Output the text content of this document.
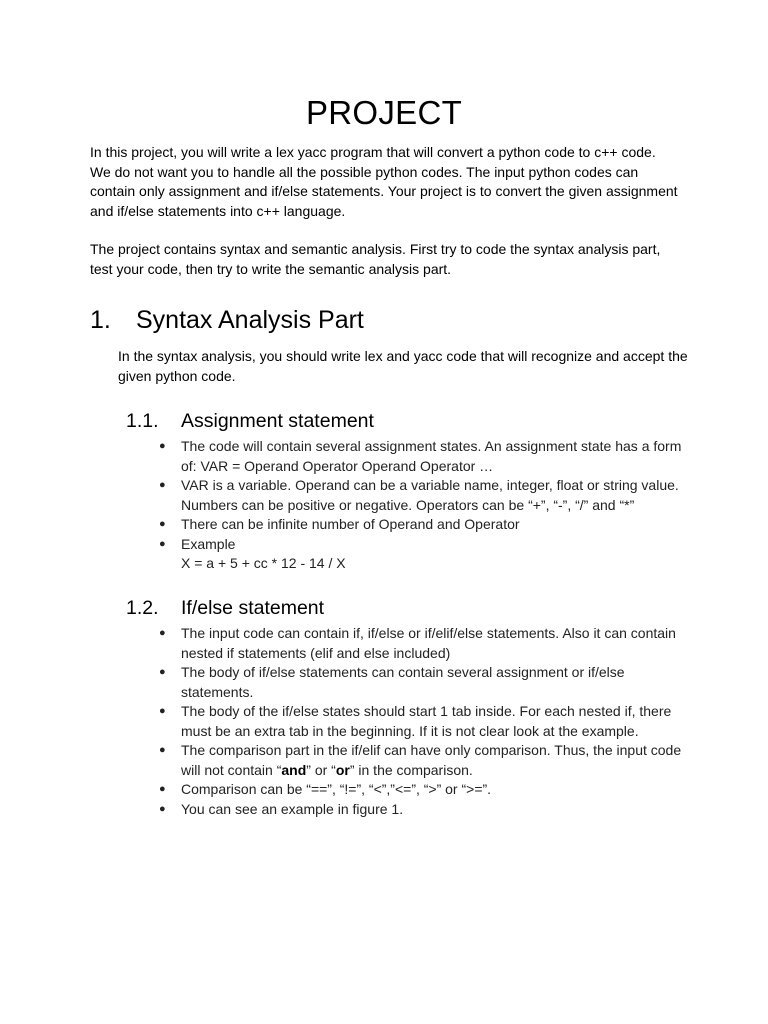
PROJECT
In this project, you will write a lex yacc program that will convert a python code to c++ code. We do not want you to handle all the possible python codes. The input python codes can contain only assignment and if/else statements. Your project is to convert the given assignment and if/else statements into c++ language.
The project contains syntax and semantic analysis. First try to code the syntax analysis part, test your code, then try to write the semantic analysis part.
1. Syntax Analysis Part
In the syntax analysis, you should write lex and yacc code that will recognize and accept the given python code.
1.1. Assignment statement
● The code will contain several assignment states. An assignment state has a form of: VAR = Operand Operator Operand Operator …
● VAR is a variable. Operand can be a variable name, integer, float or string value. Numbers can be positive or negative. Operators can be “+”, “-”, “/” and “*”
● There can be infinite number of Operand and Operator
● Example
X = a + 5 + cc * 12 - 14 / X
1.2. If/else statement
● The input code can contain if, if/else or if/elif/else statements. Also it can contain nested if statements (elif and else included)
● The body of if/else statements can contain several assignment or if/else statements.
● The body of the if/else states should start 1 tab inside. For each nested if, there must be an extra tab in the beginning. If it is not clear look at the example.
● The comparison part in the if/elif can have only comparison. Thus, the input code will not contain “and” or “or” in the comparison.
● Comparison can be “==”, “!=”, “<”,”<=”, “>” or “>=”.
● You can see an example in figure 1.
